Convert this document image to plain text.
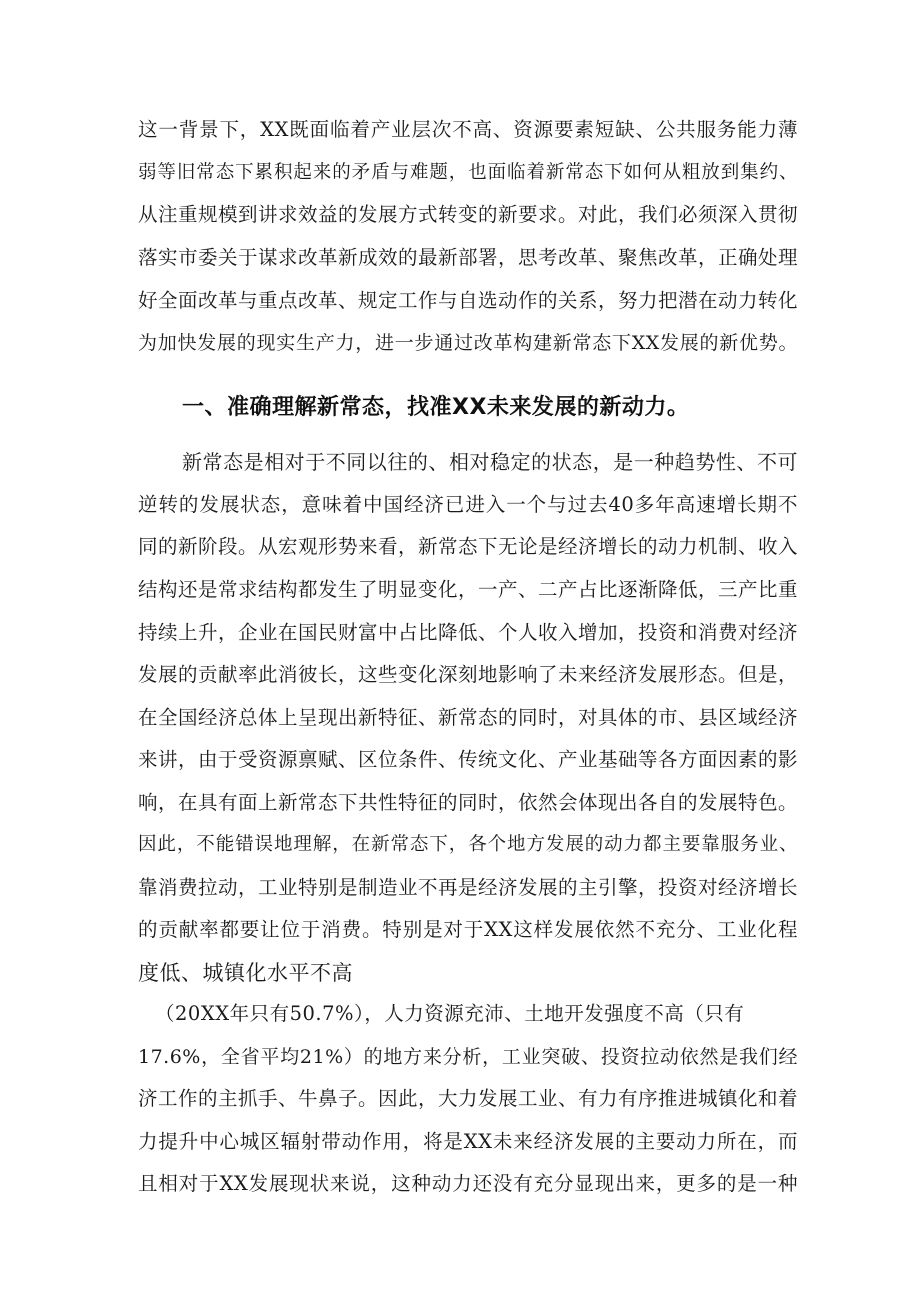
这一背景下，XX既面临着产业层次不高、资源要素短缺、公共服务能力薄
弱等旧常态下累积起来的矛盾与难题，也面临着新常态下如何从粗放到集约、
从注重规模到讲求效益的发展方式转变的新要求。对此，我们必须深入贯彻
落实市委关于谋求改革新成效的最新部署，思考改革、聚焦改革，正确处理
好全面改革与重点改革、规定工作与自选动作的关系，努力把潜在动力转化
为加快发展的现实生产力，进一步通过改革构建新常态下XX发展的新优势。
一、准确理解新常态，找准XX未来发展的新动力。
新常态是相对于不同以往的、相对稳定的状态，是一种趋势性、不可
逆转的发展状态，意味着中国经济已进入一个与过去40多年高速增长期不
同的新阶段。从宏观形势来看，新常态下无论是经济增长的动力机制、收入
结构还是常求结构都发生了明显变化，一产、二产占比逐渐降低，三产比重
持续上升，企业在国民财富中占比降低、个人收入增加，投资和消费对经济
发展的贡献率此消彼长，这些变化深刻地影响了未来经济发展形态。但是，
在全国经济总体上呈现出新特征、新常态的同时，对具体的市、县区域经济
来讲，由于受资源禀赋、区位条件、传统文化、产业基础等各方面因素的影
响，在具有面上新常态下共性特征的同时，依然会体现出各自的发展特色。
因此，不能错误地理解，在新常态下，各个地方发展的动力都主要靠服务业、
靠消费拉动，工业特别是制造业不再是经济发展的主引擎，投资对经济增长
的贡献率都要让位于消费。特别是对于XX这样发展依然不充分、工业化程
度低、城镇化水平不高
（20XX年只有50.7%），人力资源充沛、土地开发强度不高（只有
17.6%，全省平均21%）的地方来分析，工业突破、投资拉动依然是我们经
济工作的主抓手、牛鼻子。因此，大力发展工业、有力有序推进城镇化和着
力提升中心城区辐射带动作用，将是XX未来经济发展的主要动力所在，而
且相对于XX发展现状来说，这种动力还没有充分显现出来，更多的是一种
